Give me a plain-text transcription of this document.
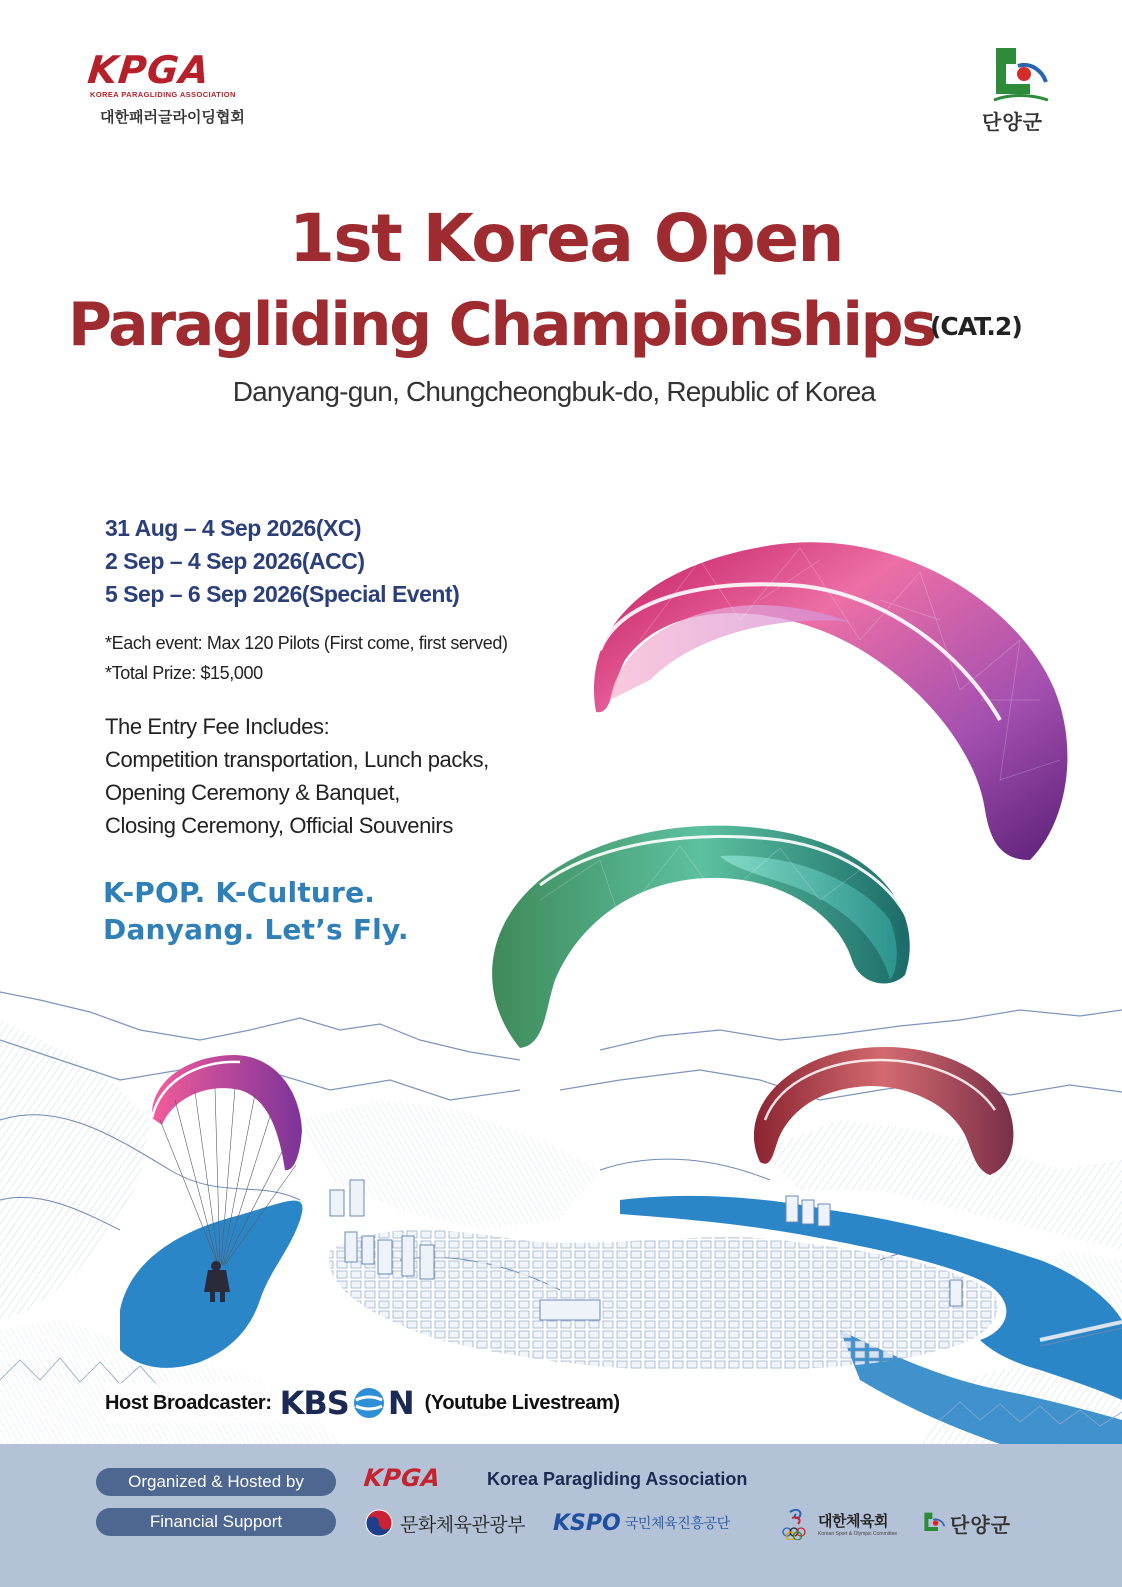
KPGA
KOREA PARAGLIDING ASSOCIATION
대한패러글라이딩협회	단양군
1st Korea Open
Paragliding Championships
(CAT.2)
Danyang-gun, Chungcheongbuk-do, Republic of Korea
31 Aug – 4 Sep 2026(XC)
2 Sep – 4 Sep 2026(ACC)
5 Sep – 6 Sep 2026(Special Event)
*Each event: Max 120 Pilots (First come, first served)
*Total Prize: $15,000
The Entry Fee Includes:
Competition transportation, Lunch packs,
Opening Ceremony & Banquet,
Closing Ceremony, Official Souvenirs
K-POP. K-Culture.
Danyang. Let’s Fly.
Host Broadcaster: KBS N (Youtube Livestream)
Organized & Hosted by
Financial Support
KPGA	Korea Paragliding Association
문화체육관광부 KSPO 국민체육진흥공단	대한체육회
Korean Sport & Olympic Committee	단양군
